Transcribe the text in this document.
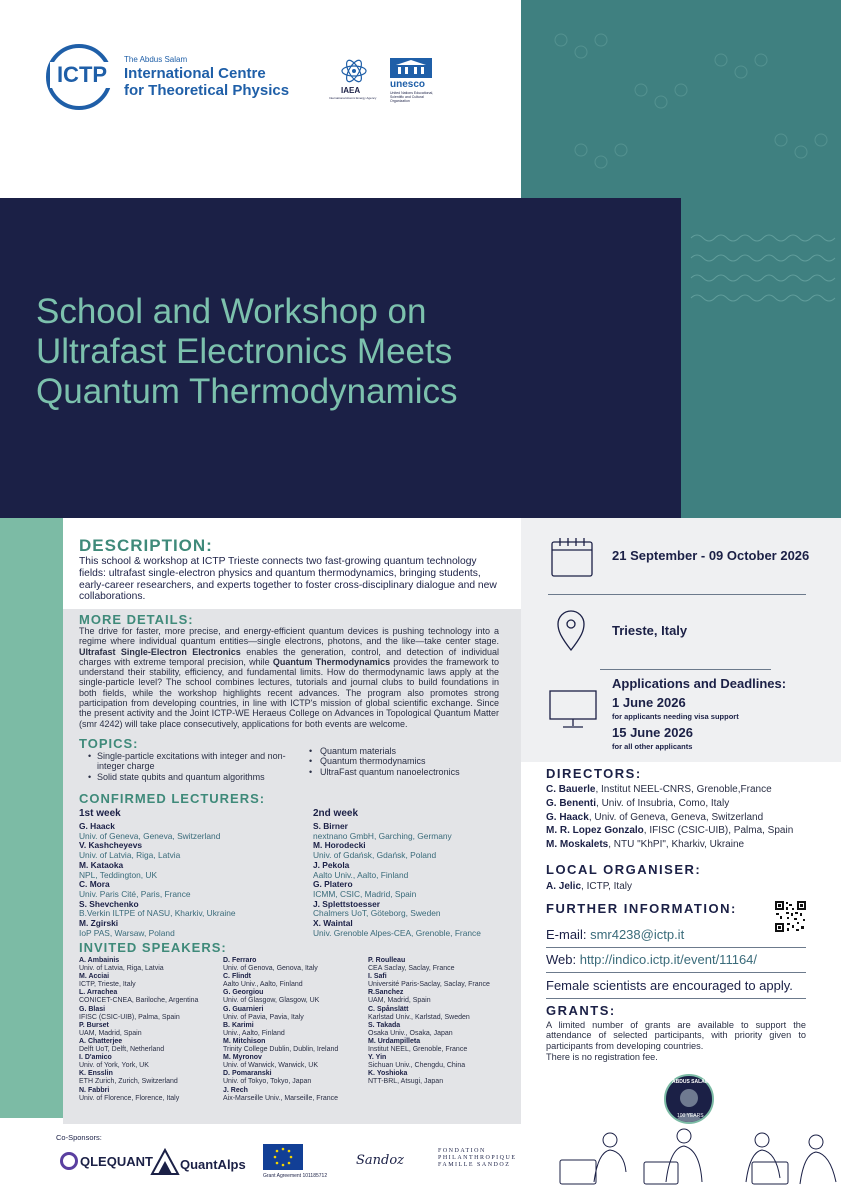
ICTP
The Abdus Salam
International Centre
for Theoretical Physics	IAEA
International Atomic Energy Agency
unesco
United Nations Educational, Scientific and Cultural Organization
School and Workshop on
Ultrafast Electronics Meets
Quantum Thermodynamics
DESCRIPTION:
This school & workshop at ICTP Trieste connects two fast-growing quantum technology fields: ultrafast single-electron physics and quantum thermodynamics, bringing students, early-career researchers, and experts together to foster cross-disciplinary dialogue and new collaborations.
MORE DETAILS:
The drive for faster, more precise, and energy-efficient quantum devices is pushing technology into a regime where individual quantum entities—single electrons, photons, and the like—take center stage. Ultrafast Single-Electron Electronics enables the generation, control, and detection of individual charges with extreme temporal precision, while Quantum Thermodynamics provides the framework to understand their stability, efficiency, and fundamental limits. How do thermodynamic laws apply at the single-particle level? The school combines lectures, tutorials and journal clubs to build foundations in both fields, while the workshop highlights recent advances. The program also promotes strong participation from developing countries, in line with ICTP's mission of global scientific exchange. Since the present activity and the Joint ICTP-WE Heraeus College on Advances in Topological Quantum Matter (smr 4242) will take place consecutively, applications for both events are welcome.
TOPICS:
• Single-particle excitations with integer and non-integer charge
• Solid state qubits and quantum algorithms
• Quantum materials
• Quantum thermodynamics
• UltraFast quantum nanoelectronics
CONFIRMED LECTURERS:
1st week	2nd week
G. Haack
Univ. of Geneva, Geneva, Switzerland
V. Kashcheyevs
Univ. of Latvia, Riga, Latvia
M. Kataoka
NPL, Teddington, UK
C. Mora
Univ. Paris Cité, Paris, France
S. Shevchenko
B.Verkin ILTPE of NASU, Kharkiv, Ukraine
M. Zgirski
IoP PAS, Warsaw, Poland
S. Birner
nextnano GmbH, Garching, Germany
M. Horodecki
Univ. of Gdańsk, Gdańsk, Poland
J. Pekola
Aalto Univ., Aalto, Finland
G. Platero
ICMM, CSIC, Madrid, Spain
J. Splettstoesser
Chalmers UoT, Göteborg, Sweden
X. Waintal
Univ. Grenoble Alpes-CEA, Grenoble, France
INVITED SPEAKERS:
A. Ambainis
Univ. of Latvia, Riga, Latvia
M. Acciai
ICTP, Trieste, Italy
L. Arrachea
CONICET-CNEA, Bariloche, Argentina
G. Blasi
IFISC (CSIC-UIB), Palma, Spain
P. Burset
UAM, Madrid, Spain
A. Chatterjee
Delft UoT, Delft, Netherland
I. D'amico
Univ. of York, York, UK
K. Ensslin
ETH Zurich, Zurich, Switzerland
N. Fabbri
Univ. of Florence, Florence, Italy
D. Ferraro
Univ. of Genova, Genova, Italy
C. Flindt
Aalto Univ., Aalto, Finland
G. Georgiou
Univ. of Glasgow, Glasgow, UK
G. Guarnieri
Univ. of Pavia, Pavia, Italy
B. Karimi
Univ., Aalto, Finland
M. Mitchison
Trinity College Dublin, Dublin, Ireland
M. Myronov
Univ. of Warwick, Warwick, UK
D. Pomaranski
Univ. of Tokyo, Tokyo, Japan
J. Rech
Aix-Marseille Univ., Marseille, France
P. Roulleau
CEA Saclay, Saclay, France
I. Safi
Université Paris-Saclay, Saclay, France
R.Sanchez
UAM, Madrid, Spain
C. Spånslätt
Karlstad Univ., Karlstad, Sweden
S. Takada
Osaka Univ., Osaka, Japan
M. Urdampilleta
Institut NEEL, Grenoble, France
Y. Yin
Sichuan Univ., Chengdu, China
K. Yoshioka
NTT-BRL, Atsugi, Japan
21 September - 09 October 2026
Trieste, Italy
Applications and Deadlines:
1 June 2026
for applicants needing visa support
15 June 2026
for all other applicants
DIRECTORS:
C. Bauerle, Institut NEEL-CNRS, Grenoble,France
G. Benenti, Univ. of Insubria, Como, Italy
G. Haack, Univ. of Geneva, Geneva, Switzerland
M. R. Lopez Gonzalo, IFISC (CSIC-UIB), Palma, Spain
M. Moskalets, NTU "KhPI", Kharkiv, Ukraine
LOCAL ORGANISER:
A. Jelic, ICTP, Italy
FURTHER INFORMATION:
E-mail: smr4238@ictp.it
Web: http://indico.ictp.it/event/11164/
Female scientists are encouraged to apply.
GRANTS:
A limited number of grants are available to support the attendance of selected participants, with priority given to participants from developing countries.
There is no registration fee.
ABDUS SALAM
100 YEARS
Co-Sponsors:
QLEQUANT QuantAlps
Grant Agreement 101185712
Sandoz
FONDATION
PHILANTHROPIQUE
FAMILLE SANDOZ
